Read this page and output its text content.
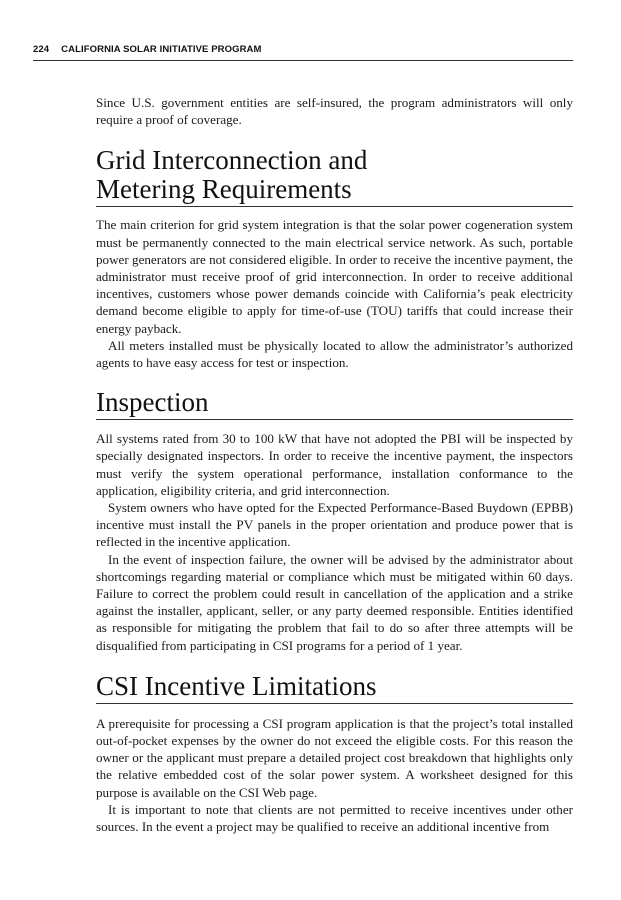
224 CALIFORNIA SOLAR INITIATIVE PROGRAM

Since U.S. government entities are self-insured, the program administrators will only require a proof of coverage.

Grid Interconnection and
Metering Requirements

The main criterion for grid system integration is that the solar power cogeneration system must be permanently connected to the main electrical service network. As such, portable power generators are not considered eligible. In order to receive the incentive payment, the administrator must receive proof of grid interconnection. In order to receive additional incentives, customers whose power demands coincide with California’s peak electricity demand become eligible to apply for time-of-use (TOU) tariffs that could increase their energy payback.

All meters installed must be physically located to allow the administrator’s authorized agents to have easy access for test or inspection.

Inspection

All systems rated from 30 to 100 kW that have not adopted the PBI will be inspected by specially designated inspectors. In order to receive the incentive payment, the inspectors must verify the system operational performance, installation conformance to the application, eligibility criteria, and grid interconnection.

System owners who have opted for the Expected Performance-Based Buydown (EPBB) incentive must install the PV panels in the proper orientation and produce power that is reflected in the incentive application.

In the event of inspection failure, the owner will be advised by the administrator about shortcomings regarding material or compliance which must be mitigated within 60 days. Failure to correct the problem could result in cancellation of the application and a strike against the installer, applicant, seller, or any party deemed responsible. Entities identified as responsible for mitigating the problem that fail to do so after three attempts will be disqualified from participating in CSI programs for a period of 1 year.

CSI Incentive Limitations

A prerequisite for processing a CSI program application is that the project’s total installed out-of-pocket expenses by the owner do not exceed the eligible costs. For this reason the owner or the applicant must prepare a detailed project cost breakdown that highlights only the relative embedded cost of the solar power system. A worksheet designed for this purpose is available on the CSI Web page.

It is important to note that clients are not permitted to receive incentives under other sources. In the event a project may be qualified to receive an additional incentive from
